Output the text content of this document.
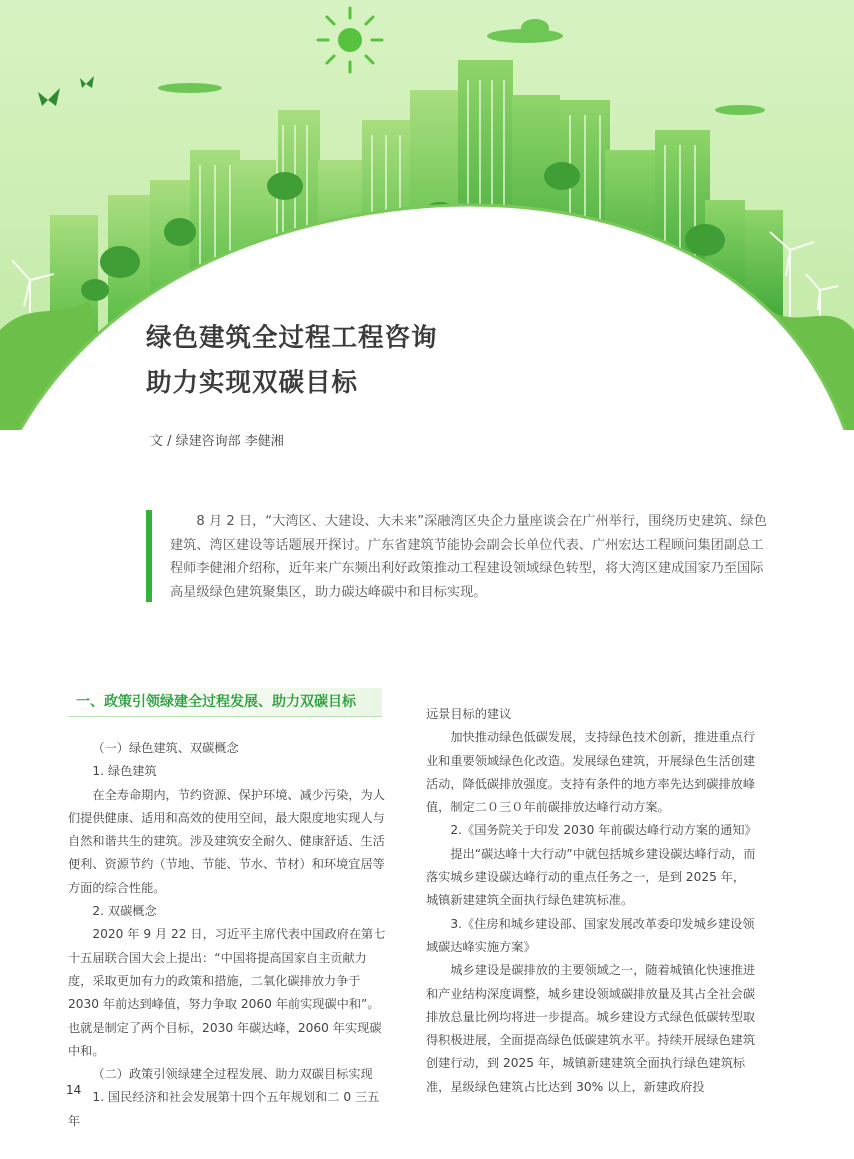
绿色建筑全过程工程咨询
助力实现双碳目标
文 / 绿建咨询部 李健湘

8 月 2 日，“大湾区、大建设、大未来”深融湾区央企力量座谈会在广州举行，围绕历史建筑、绿色建筑、湾区建设等话题展开探讨。广东省建筑节能协会副会长单位代表、广州宏达工程顾问集团副总工程师李健湘介绍称，近年来广东频出利好政策推动工程建设领域绿色转型，将大湾区建成国家乃至国际高星级绿色建筑聚集区，助力碳达峰碳中和目标实现。

一、政策引领绿建全过程发展、助力双碳目标

（一）绿色建筑、双碳概念

1. 绿色建筑

在全寿命期内，节约资源、保护环境、减少污染，为人们提供健康、适用和高效的使用空间，最大限度地实现人与自然和谐共生的建筑。涉及建筑安全耐久、健康舒适、生活便利、资源节约（节地、节能、节水、节材）和环境宜居等方面的综合性能。

2. 双碳概念

2020 年 9 月 22 日，习近平主席代表中国政府在第七十五届联合国大会上提出：“中国将提高国家自主贡献力度，采取更加有力的政策和措施，二氧化碳排放力争于 2030 年前达到峰值，努力争取 2060 年前实现碳中和”。也就是制定了两个目标，2030 年碳达峰，2060 年实现碳中和。

（二）政策引领绿建全过程发展、助力双碳目标实现

1. 国民经济和社会发展第十四个五年规划和二 0 三五年

远景目标的建议

加快推动绿色低碳发展，支持绿色技术创新，推进重点行业和重要领域绿色化改造。发展绿色建筑，开展绿色生活创建活动，降低碳排放强度。支持有条件的地方率先达到碳排放峰值，制定二０三０年前碳排放达峰行动方案。

2.《国务院关于印发 2030 年前碳达峰行动方案的通知》

提出“碳达峰十大行动”中就包括城乡建设碳达峰行动，而落实城乡建设碳达峰行动的重点任务之一，是到 2025 年，城镇新建建筑全面执行绿色建筑标准。

3.《住房和城乡建设部、国家发展改革委印发城乡建设领域碳达峰实施方案》

城乡建设是碳排放的主要领域之一，随着城镇化快速推进和产业结构深度调整，城乡建设领域碳排放量及其占全社会碳排放总量比例均将进一步提高。城乡建设方式绿色低碳转型取得积极进展，全面提高绿色低碳建筑水平。持续开展绿色建筑创建行动，到 2025 年，城镇新建建筑全面执行绿色建筑标准，星级绿色建筑占比达到 30% 以上，新建政府投

14
